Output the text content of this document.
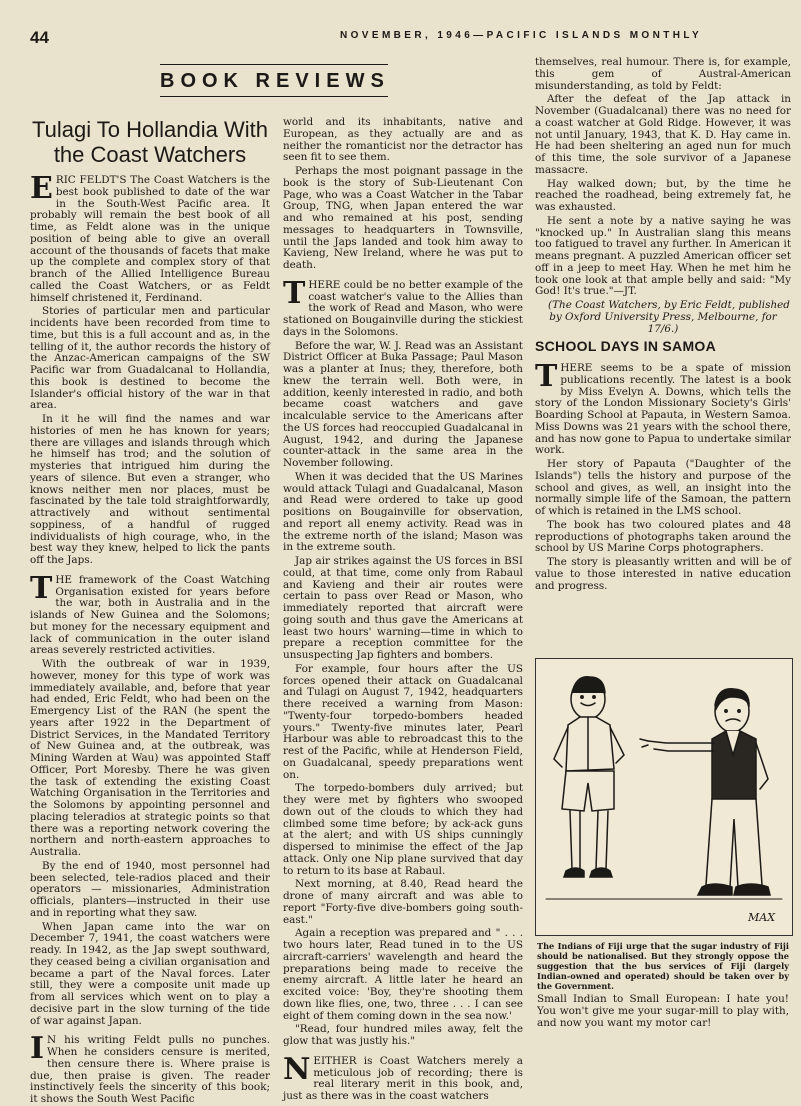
44	NOVEMBER, 1946—PACIFIC ISLANDS MONTHLY
BOOK REVIEWS
Tulagi To Hollandia With the Coast Watchers

ERIC FELDT'S The Coast Watchers is the best book published to date of the war in the South-West Pacific area. It probably will remain the best book of all time, as Feldt alone was in the unique position of being able to give an overall account of the thousands of facets that make up the complete and complex story of that branch of the Allied Intelligence Bureau called the Coast Watchers, or as Feldt himself christened it, Ferdinand.

Stories of particular men and particular incidents have been recorded from time to time, but this is a full account and as, in the telling of it, the author records the history of the Anzac-American campaigns of the SW Pacific war from Guadalcanal to Hollandia, this book is destined to become the Islander's official history of the war in that area.

In it he will find the names and war histories of men he has known for years; there are villages and islands through which he himself has trod; and the solution of mysteries that intrigued him during the years of silence. But even a stranger, who knows neither men nor places, must be fascinated by the tale told straightforwardly, attractively and without sentimental soppiness, of a handful of rugged individualists of high courage, who, in the best way they knew, helped to lick the pants off the Japs.

THE framework of the Coast Watching Organisation existed for years before the war, both in Australia and in the islands of New Guinea and the Solomons; but money for the necessary equipment and lack of communication in the outer island areas severely restricted activities.

With the outbreak of war in 1939, however, money for this type of work was immediately available, and, before that year had ended, Eric Feldt, who had been on the Emergency List of the RAN (he spent the years after 1922 in the Department of District Services, in the Mandated Territory of New Guinea and, at the outbreak, was Mining Warden at Wau) was appointed Staff Officer, Port Moresby. There he was given the task of extending the existing Coast Watching Organisation in the Territories and the Solomons by appointing personnel and placing teleradios at strategic points so that there was a reporting network covering the northern and north-eastern approaches to Australia.

By the end of 1940, most personnel had been selected, tele-radios placed and their operators — missionaries, Administration officials, planters—instructed in their use and in reporting what they saw.

When Japan came into the war on December 7, 1941, the coast watchers were ready. In 1942, as the Jap swept southward, they ceased being a civilian organisation and became a part of the Naval forces. Later still, they were a composite unit made up from all services which went on to play a decisive part in the slow turning of the tide of war against Japan.

I N his writing Feldt pulls no punches. When he considers censure is merited, then censure there is. Where praise is due, then praise is given. The reader instinctively feels the sincerity of this book; it shows the South West Pacific

world and its inhabitants, native and European, as they actually are and as neither the romanticist nor the detractor has seen fit to see them.

Perhaps the most poignant passage in the book is the story of Sub-Lieutenant Con Page, who was a Coast Watcher in the Tabar Group, TNG, when Japan entered the war and who remained at his post, sending messages to headquarters in Townsville, until the Japs landed and took him away to Kavieng, New Ireland, where he was put to death.

THERE could be no better example of the coast watcher's value to the Allies than the work of Read and Mason, who were stationed on Bougainville during the stickiest days in the Solomons.

Before the war, W. J. Read was an Assistant District Officer at Buka Passage; Paul Mason was a planter at Inus; they, therefore, both knew the terrain well. Both were, in addition, keenly interested in radio, and both became coast watchers and gave incalculable service to the Americans after the US forces had reoccupied Guadalcanal in August, 1942, and during the Japanese counter-attack in the same area in the November following.

When it was decided that the US Marines would attack Tulagi and Guadalcanal, Mason and Read were ordered to take up good positions on Bougainville for observation, and report all enemy activity. Read was in the extreme north of the island; Mason was in the extreme south.

Jap air strikes against the US forces in BSI could, at that time, come only from Rabaul and Kavieng and their air routes were certain to pass over Read or Mason, who immediately reported that aircraft were going south and thus gave the Americans at least two hours' warning—time in which to prepare a reception committee for the unsuspecting Jap fighters and bombers.

For example, four hours after the US forces opened their attack on Guadalcanal and Tulagi on August 7, 1942, headquarters there received a warning from Mason: "Twenty-four torpedo-bombers headed yours." Twenty-five minutes later, Pearl Harbour was able to rebroadcast this to the rest of the Pacific, while at Henderson Field, on Guadalcanal, speedy preparations went on.

The torpedo-bombers duly arrived; but they were met by fighters who swooped down out of the clouds to which they had climbed some time before; by ack-ack guns at the alert; and with US ships cunningly dispersed to minimise the effect of the Jap attack. Only one Nip plane survived that day to return to its base at Rabaul.

Next morning, at 8.40, Read heard the drone of many aircraft and was able to report "Forty-five dive-bombers going south-east."

Again a reception was prepared and " . . . two hours later, Read tuned in to the US aircraft-carriers' wavelength and heard the preparations being made to receive the enemy aircraft. A little later he heard an excited voice: 'Boy, they're shooting them down like flies, one, two, three . . . I can see eight of them coming down in the sea now.'

"Read, four hundred miles away, felt the glow that was justly his."

NEITHER is Coast Watchers merely a meticulous job of recording; there is real literary merit in this book, and, just as there was in the coast watchers

themselves, real humour. There is, for example, this gem of Austral-American misunderstanding, as told by Feldt:

After the defeat of the Jap attack in November (Guadalcanal) there was no need for a coast watcher at Gold Ridge. However, it was not until January, 1943, that K. D. Hay came in. He had been sheltering an aged nun for much of this time, the sole survivor of a Japanese massacre.

Hay walked down; but, by the time he reached the roadhead, being extremely fat, he was exhausted.

He sent a note by a native saying he was "knocked up." In Australian slang this means too fatigued to travel any further. In American it means pregnant. A puzzled American officer set off in a jeep to meet Hay. When he met him he took one look at that ample belly and said: "My God! It's true."—JT.

(The Coast Watchers, by Eric Feldt, published by Oxford University Press, Melbourne, for 17/6.)

SCHOOL DAYS IN SAMOA

THERE seems to be a spate of mission publications recently. The latest is a book by Miss Evelyn A. Downs, which tells the story of the London Missionary Society's Girls' Boarding School at Papauta, in Western Samoa. Miss Downs was 21 years with the school there, and has now gone to Papua to undertake similar work.

Her story of Papauta ("Daughter of the Islands") tells the history and purpose of the school and gives, as well, an insight into the normally simple life of the Samoan, the pattern of which is retained in the LMS school.

The book has two coloured plates and 48 reproductions of photographs taken around the school by US Marine Corps photographers.

The story is pleasantly written and will be of value to those interested in native education and progress.

MAX
The Indians of Fiji urge that the sugar industry of Fiji should be nationalised. But they strongly oppose the suggestion that the bus services of Fiji (largely Indian-owned and operated) should be taken over by the Government.
Small Indian to Small European: I hate you! You won't give me your sugar-mill to play with, and now you want my motor car!
